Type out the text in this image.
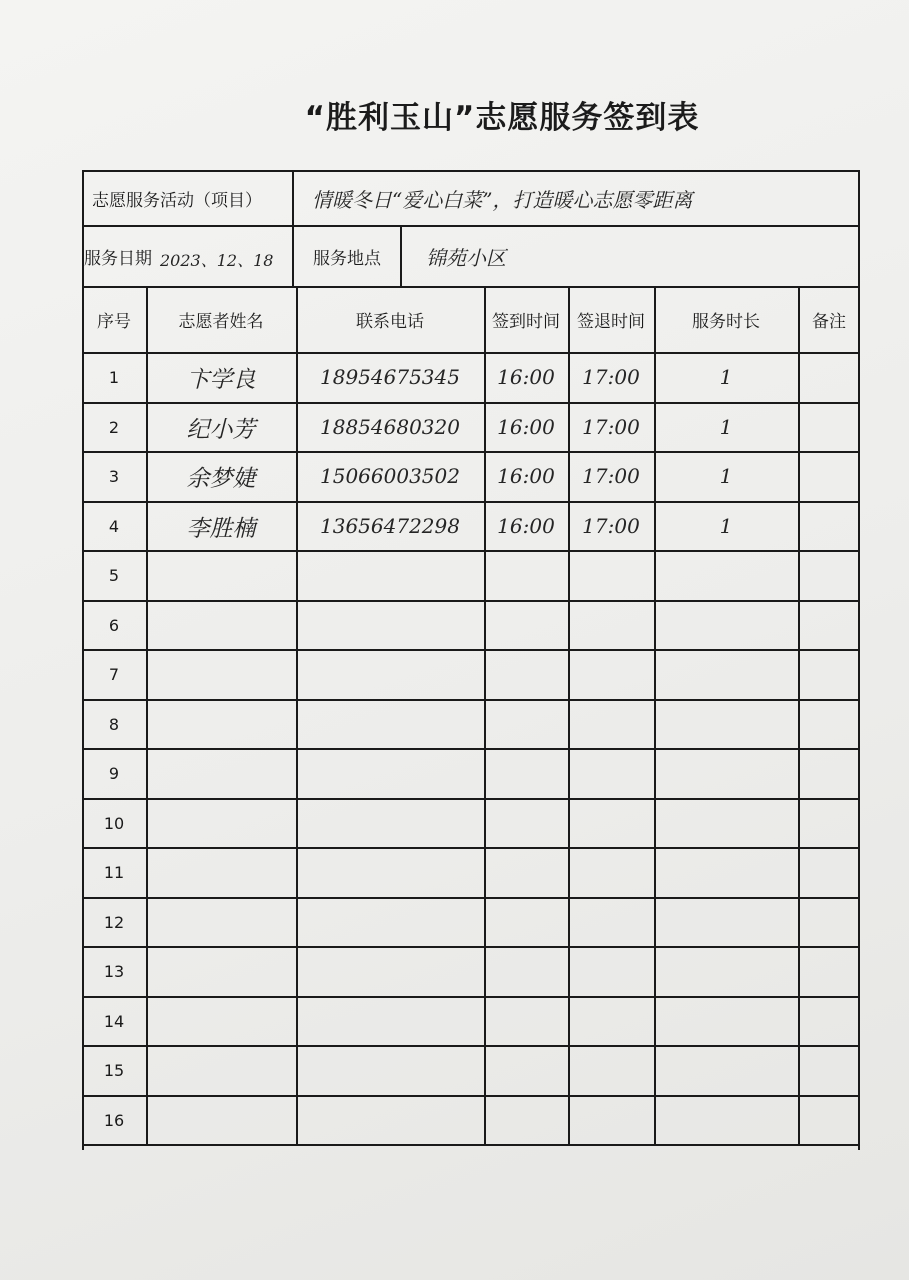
“胜利玉山”志愿服务签到表
志愿服务活动（项目）	情暖冬日“爱心白菜”，打造暖心志愿零距离
服务日期 2023、12、18	服务地点	锦苑小区
序号	志愿者姓名	联系电话	签到时间	签退时间	服务时长	备注
1	卞学良	18954675345	16:00	17:00	1
2	纪小芳	18854680320	16:00	17:00	1
3	余梦婕	15066003502	16:00	17:00	1
4	李胜楠	13656472298	16:00	17:00	1
5
6
7
8
9
10
11
12
13
14
15
16
